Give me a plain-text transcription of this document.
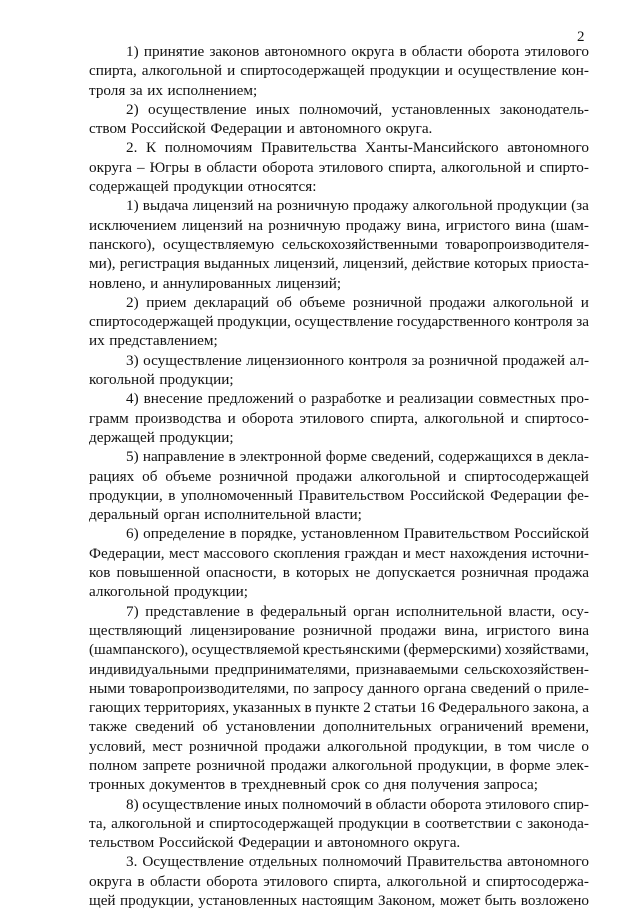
2
1) принятие законов автономного округа в области оборота этилового
спирта, алкогольной и спиртосодержащей продукции и осуществление кон-
троля за их исполнением;
2) осуществление иных полномочий, установленных законодатель-
ством Российской Федерации и автономного округа.
2. К полномочиям Правительства Ханты-Мансийского автономного
округа – Югры в области оборота этилового спирта, алкогольной и спирто-
содержащей продукции относятся:
1) выдача лицензий на розничную продажу алкогольной продукции (за
исключением лицензий на розничную продажу вина, игристого вина (шам-
панского), осуществляемую сельскохозяйственными товаропроизводителя-
ми), регистрация выданных лицензий, лицензий, действие которых приоста-
новлено, и аннулированных лицензий;
2) прием деклараций об объеме розничной продажи алкогольной и
спиртосодержащей продукции, осуществление государственного контроля за
их представлением;
3) осуществление лицензионного контроля за розничной продажей ал-
когольной продукции;
4) внесение предложений о разработке и реализации совместных про-
грамм производства и оборота этилового спирта, алкогольной и спиртосо-
держащей продукции;
5) направление в электронной форме сведений, содержащихся в декла-
рациях об объеме розничной продажи алкогольной и спиртосодержащей
продукции, в уполномоченный Правительством Российской Федерации фе-
деральный орган исполнительной власти;
6) определение в порядке, установленном Правительством Российской
Федерации, мест массового скопления граждан и мест нахождения источни-
ков повышенной опасности, в которых не допускается розничная продажа
алкогольной продукции;
7) представление в федеральный орган исполнительной власти, осу-
ществляющий лицензирование розничной продажи вина, игристого вина
(шампанского), осуществляемой крестьянскими (фермерскими) хозяйствами,
индивидуальными предпринимателями, признаваемыми сельскохозяйствен-
ными товаропроизводителями, по запросу данного органа сведений о приле-
гающих территориях, указанных в пункте 2 статьи 16 Федерального закона, а
также сведений об установлении дополнительных ограничений времени,
условий, мест розничной продажи алкогольной продукции, в том числе о
полном запрете розничной продажи алкогольной продукции, в форме элек-
тронных документов в трехдневный срок со дня получения запроса;
8) осуществление иных полномочий в области оборота этилового спир-
та, алкогольной и спиртосодержащей продукции в соответствии с законода-
тельством Российской Федерации и автономного округа.
3. Осуществление отдельных полномочий Правительства автономного
округа в области оборота этилового спирта, алкогольной и спиртосодержа-
щей продукции, установленных настоящим Законом, может быть возложено
